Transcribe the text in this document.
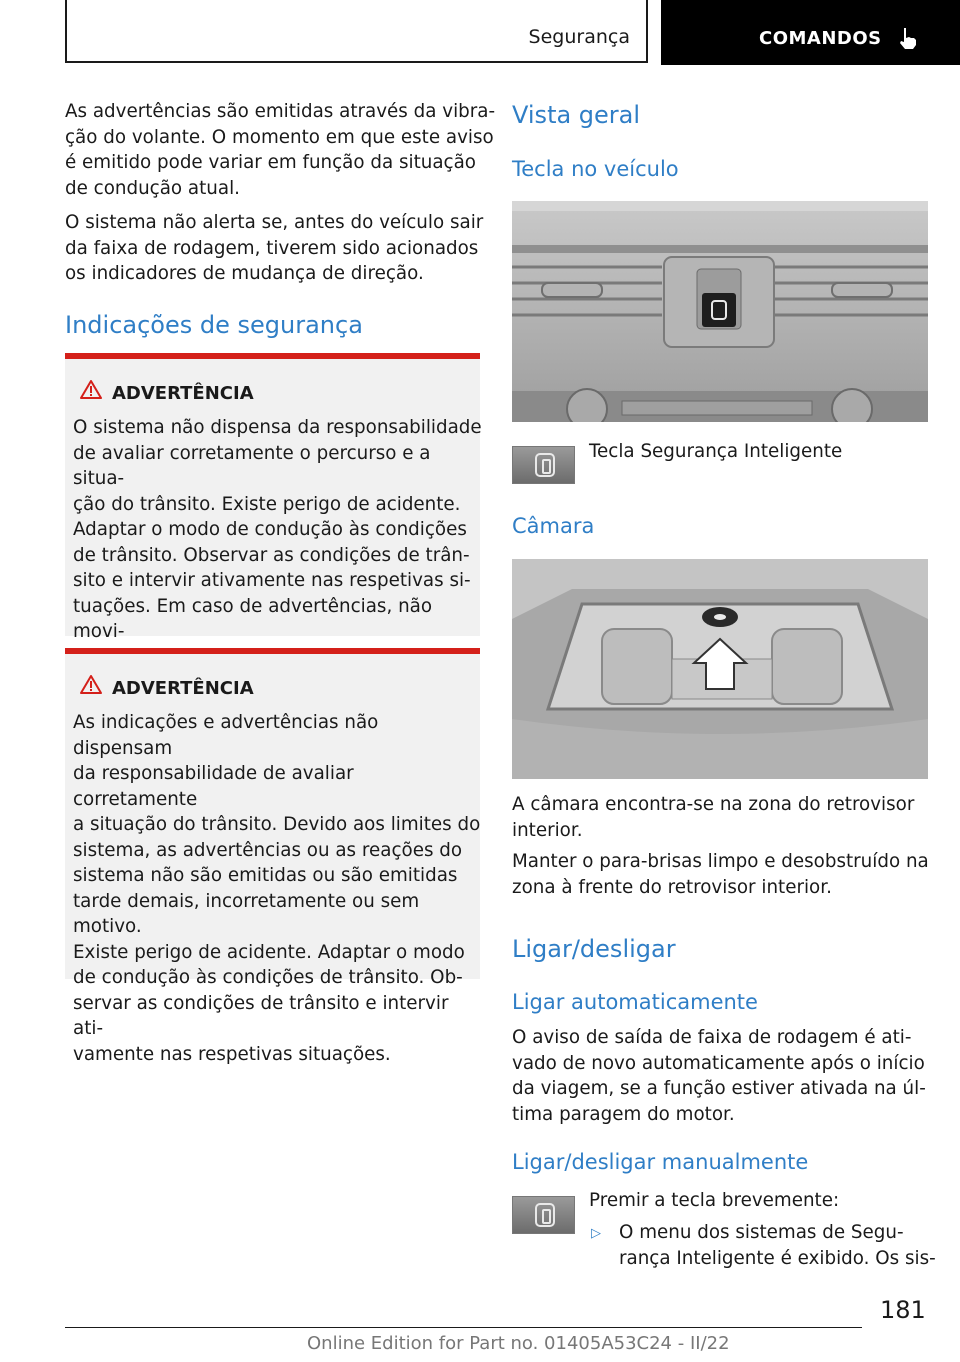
Segurança	COMANDOS
As advertências são emitidas através da vibra-
ção do volante. O momento em que este aviso
é emitido pode variar em função da situação
de condução atual.
O sistema não alerta se, antes do veículo sair
da faixa de rodagem, tiverem sido acionados
os indicadores de mudança de direção.
Indicações de segurança
ADVERTÊNCIA
O sistema não dispensa da responsabilidade
de avaliar corretamente o percurso e a situa-
ção do trânsito. Existe perigo de acidente.
Adaptar o modo de condução às condições
de trânsito. Observar as condições de trân-
sito e intervir ativamente nas respetivas si-
tuações. Em caso de advertências, não movi-
ADVERTÊNCIA
As indicações e advertências não dispensam
da responsabilidade de avaliar corretamente
a situação do trânsito. Devido aos limites do
sistema, as advertências ou as reações do
sistema não são emitidas ou são emitidas
tarde demais, incorretamente ou sem motivo.
Existe perigo de acidente. Adaptar o modo
de condução às condições de trânsito. Ob-
servar as condições de trânsito e intervir ati-
vamente nas respetivas situações.
Vista geral
Tecla no veículo
Tecla Segurança Inteligente
Câmara
A câmara encontra-se na zona do retrovisor
interior.
Manter o para-brisas limpo e desobstruído na
zona à frente do retrovisor interior.
Ligar/desligar
Ligar automaticamente
O aviso de saída de faixa de rodagem é ati-
vado de novo automaticamente após o início
da viagem, se a função estiver ativada na úl-
tima paragem do motor.
Ligar/desligar manualmente
Premir a tecla brevemente:
▷ O menu dos sistemas de Segu-
rança Inteligente é exibido. Os sis-
181
Online Edition for Part no. 01405A53C24 - II/22
